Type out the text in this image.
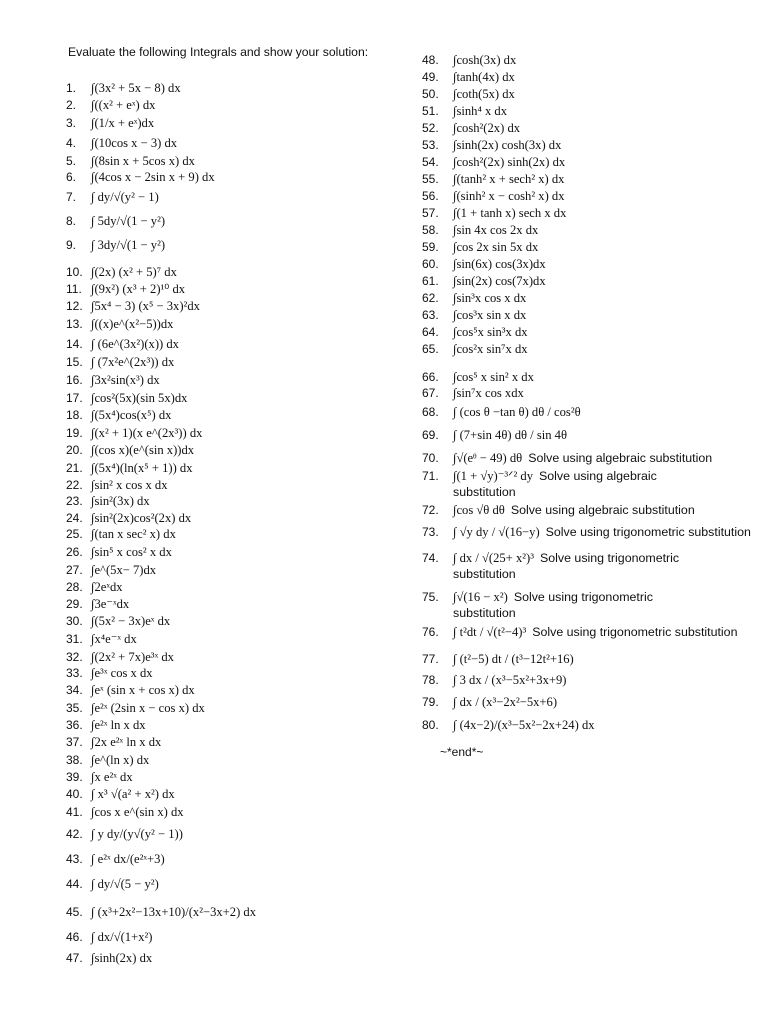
Evaluate the following Integrals and show your solution:
1.	∫(3x² + 5x − 8) dx
2.	∫((x² + eˣ) dx
3.	∫(1/x + eˣ)dx
4.	∫(10cos x − 3) dx
5.	∫(8sin x + 5cos x) dx
6.	∫(4cos x − 2sin x + 9) dx
7.	∫ dy/√(y² − 1)
8.	∫ 5dy/√(1 − y²)
9.	∫ 3dy/√(1 − y²)
10. ∫(2x) (x² + 5)⁷ dx
11. ∫(9x²) (x³ + 2)¹⁰ dx
12. ∫5x⁴ − 3) (x⁵ − 3x)²dx
13. ∫((x)e^(x²−5))dx
14. ∫ (6e^(3x²)(x)) dx
15. ∫ (7x²e^(2x³)) dx
16. ∫3x²sin(x³) dx
17. ∫cos²(5x)(sin 5x)dx
18. ∫(5x⁴)cos(x⁵) dx
19. ∫(x² + 1)(x e^(2x³)) dx
20. ∫(cos x)(e^(sin x))dx
21. ∫(5x⁴)(ln(x⁵ + 1)) dx
22. ∫sin² x cos x dx
23. ∫sin²(3x) dx
24. ∫sin²(2x)cos²(2x) dx
25. ∫(tan x sec² x) dx
26. ∫sin⁵ x cos² x dx
27. ∫e^(5x− 7)dx
28. ∫2eˣdx
29. ∫3e⁻ˣdx
30. ∫(5x² − 3x)eˣ dx
31. ∫x⁴e⁻ˣ dx
32. ∫(2x² + 7x)e³ˣ dx
33. ∫e³ˣ cos x dx
34. ∫eˣ (sin x + cos x) dx
35. ∫e²ˣ (2sin x − cos x) dx
36. ∫e²ˣ ln x dx
37. ∫2x e²ˣ ln x dx
38. ∫e^(ln x) dx
39. ∫x e²ˣ dx
40. ∫ x³ √(a² + x²) dx
41. ∫cos x e^(sin x) dx
42. ∫ y dy/(y√(y² − 1))
43. ∫ e²ˣ dx/(e²ˣ+3)
44. ∫ dy/√(5 − y²)
45. ∫ (x³+2x²−13x+10)/(x²−3x+2) dx
46. ∫ dx/√(1+x²)
47. ∫sinh(2x) dx
48.	∫cosh(3x) dx
49.	∫tanh(4x) dx
50.	∫coth(5x) dx
51.	∫sinh⁴ x dx
52.	∫cosh²(2x) dx
53.	∫sinh(2x) cosh(3x) dx
54.	∫cosh²(2x) sinh(2x) dx
55.	∫(tanh² x + sech² x) dx
56.	∫(sinh² x − cosh² x) dx
57.	∫(1 + tanh x) sech x dx
58.	∫sin 4x cos 2x dx
59.	∫cos 2x sin 5x dx
60.	∫sin(6x) cos(3x)dx
61.	∫sin(2x) cos(7x)dx
62.	∫sin³x cos x dx
63.	∫cos³x sin x dx
64.	∫cos⁵x sin³x dx
65.	∫cos²x sin⁷x dx
66.	∫cos⁵ x sin² x dx
67.	∫sin⁷x cos xdx
68.	∫ (cos θ −tan θ) dθ / cos²θ
69.	∫ (7+sin 4θ) dθ / sin 4θ
70.	∫√(eᶿ − 49) dθ Solve using algebraic substitution
71.	∫(1 + √y)⁻³ᐟ² dy Solve using algebraic
substitution
72.	∫cos √θ dθ Solve using algebraic substitution
73.	∫ √y dy / √(16−y) Solve using trigonometric substitution
74.	∫ dx / √(25+ x²)³ Solve using trigonometric
substitution
75.	∫√(16 − x²) Solve using trigonometric
substitution
76.	∫ t²dt / √(t²−4)³ Solve using trigonometric substitution
77.	∫ (t²−5) dt / (t³−12t²+16)
78.	∫ 3 dx / (x³−5x²+3x+9)
79.	∫ dx / (x³−2x²−5x+6)
80.	∫ (4x−2)/(x³−5x²−2x+24) dx
~*end*~
